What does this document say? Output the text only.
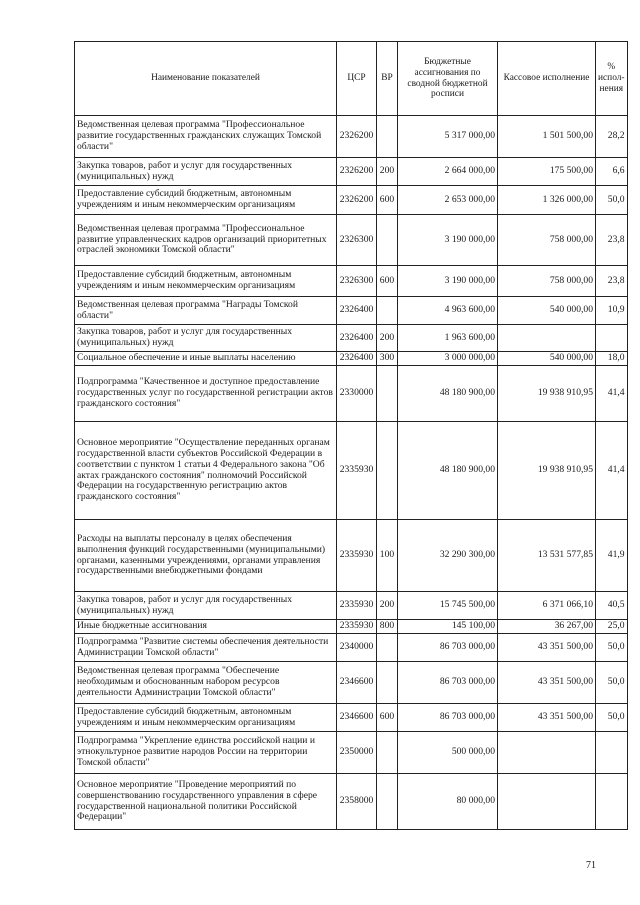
Наименование показателей	ЦСР	ВР	Бюджетные ассигнования по сводной бюджетной росписи	Кассовое исполнение	% испол- нения
Ведомственная целевая программа "Профессиональное развитие государственных гражданских служащих Томской области"	2326200		5 317 000,00	1 501 500,00	28,2
Закупка товаров, работ и услуг для государственных (муниципальных) нужд	2326200	200	2 664 000,00	175 500,00	6,6
Предоставление субсидий бюджетным, автономным учреждениям и иным некоммерческим организациям	2326200	600	2 653 000,00	1 326 000,00	50,0
Ведомственная целевая программа "Профессиональное развитие управленческих кадров организаций приоритетных отраслей экономики Томской области"	2326300		3 190 000,00	758 000,00	23,8
Предоставление субсидий бюджетным, автономным учреждениям и иным некоммерческим организациям	2326300	600	3 190 000,00	758 000,00	23,8
Ведомственная целевая программа "Награды Томской области"	2326400		4 963 600,00	540 000,00	10,9
Закупка товаров, работ и услуг для государственных (муниципальных) нужд	2326400	200	1 963 600,00		
Социальное обеспечение и иные выплаты населению	2326400	300	3 000 000,00	540 000,00	18,0
Подпрограмма "Качественное и доступное предоставление государственных услуг по государственной регистрации актов гражданского состояния"	2330000		48 180 900,00	19 938 910,95	41,4
Основное мероприятие "Осуществление переданных органам государственной власти субъектов Российской Федерации в соответствии с пунктом 1 статьи 4 Федерального закона "Об актах гражданского состояния" полномочий Российской Федерации на государственную регистрацию актов гражданского состояния"	2335930		48 180 900,00	19 938 910,95	41,4
Расходы на выплаты персоналу в целях обеспечения выполнения функций государственными (муниципальными) органами, казенными учреждениями, органами управления государственными внебюджетными фондами	2335930	100	32 290 300,00	13 531 577,85	41,9
Закупка товаров, работ и услуг для государственных (муниципальных) нужд	2335930	200	15 745 500,00	6 371 066,10	40,5
Иные бюджетные ассигнования	2335930	800	145 100,00	36 267,00	25,0
Подпрограмма "Развитие системы обеспечения деятельности Администрации Томской области"	2340000		86 703 000,00	43 351 500,00	50,0
Ведомственная целевая программа "Обеспечение необходимым и обоснованным набором ресурсов деятельности Администрации Томской области"	2346600		86 703 000,00	43 351 500,00	50,0
Предоставление субсидий бюджетным, автономным учреждениям и иным некоммерческим организациям	2346600	600	86 703 000,00	43 351 500,00	50,0
Подпрограмма "Укрепление единства российской нации и этнокультурное развитие народов России на территории Томской области"	2350000		500 000,00		
Основное мероприятие "Проведение мероприятий по совершенствованию государственного управления в сфере государственной национальной политики Российской Федерации"	2358000		80 000,00		
71
